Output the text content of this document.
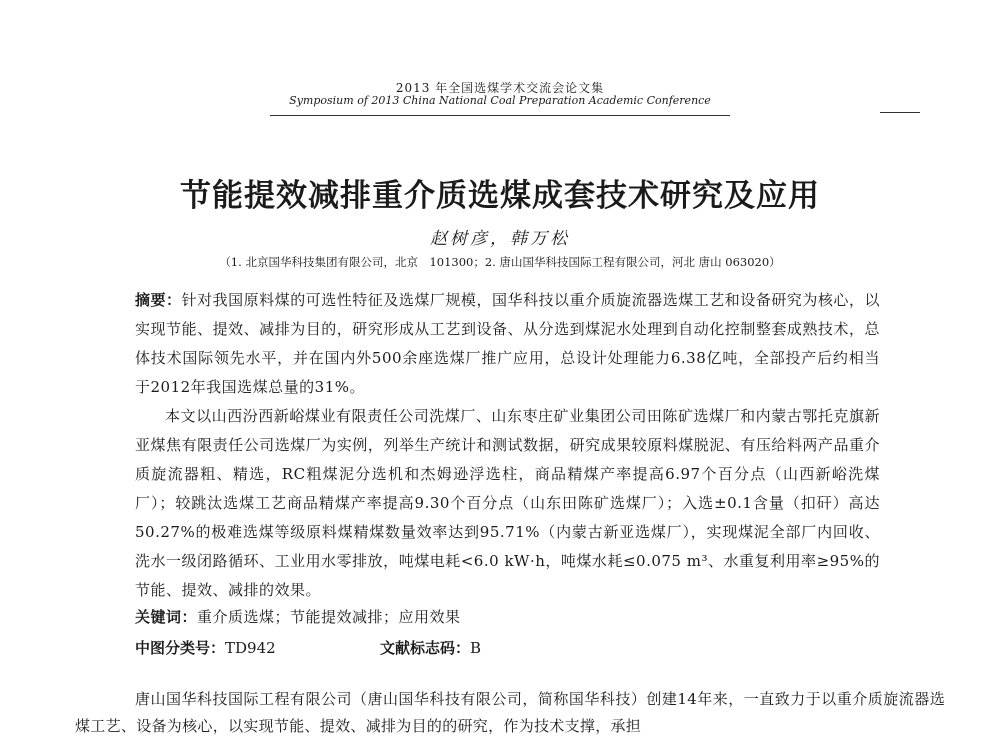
2013 年全国选煤学术交流会论文集
Symposium of 2013 China National Coal Preparation Academic Conference
节能提效减排重介质选煤成套技术研究及应用
赵树彦，韩万松
（1. 北京国华科技集团有限公司，北京　101300；2. 唐山国华科技国际工程有限公司，河北 唐山 063020）
摘要：针对我国原料煤的可选性特征及选煤厂规模，国华科技以重介质旋流器选煤工艺和设备研究为核心，以实现节能、提效、减排为目的，研究形成从工艺到设备、从分选到煤泥水处理到自动化控制整套成熟技术，总体技术国际领先水平，并在国内外500余座选煤厂推广应用，总设计处理能力6.38亿吨，全部投产后约相当于2012年我国选煤总量的31%。
本文以山西汾西新峪煤业有限责任公司洗煤厂、山东枣庄矿业集团公司田陈矿选煤厂和内蒙古鄂托克旗新亚煤焦有限责任公司选煤厂为实例，列举生产统计和测试数据，研究成果较原料煤脱泥、有压给料两产品重介质旋流器粗、精选，RC粗煤泥分选机和杰姆逊浮选柱，商品精煤产率提高6.97个百分点（山西新峪洗煤厂）；较跳汰选煤工艺商品精煤产率提高9.30个百分点（山东田陈矿选煤厂）；入选±0.1含量（扣矸）高达50.27%的极难选煤等级原料煤精煤数量效率达到95.71%（内蒙古新亚选煤厂），实现煤泥全部厂内回收、洗水一级闭路循环、工业用水零排放，吨煤电耗<6.0 kW·h，吨煤水耗≤0.075 m³、水重复利用率≥95%的节能、提效、减排的效果。
关键词：重介质选煤；节能提效减排；应用效果
中图分类号：TD942	文献标志码：B
唐山国华科技国际工程有限公司（唐山国华科技有限公司，简称国华科技）创建14年来，一直致力于以重介质旋流器选煤工艺、设备为核心，以实现节能、提效、减排为目的的研究，作为技术支撑，承担
